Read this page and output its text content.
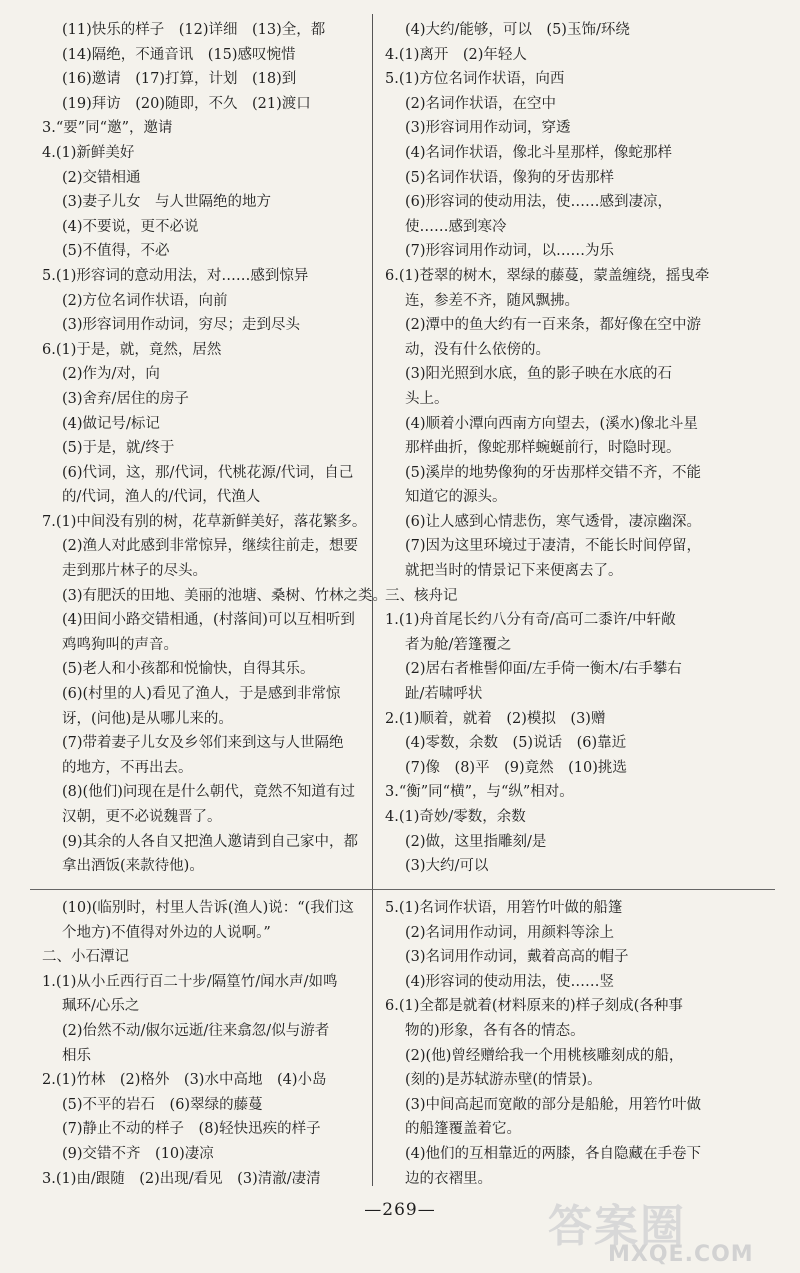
(11)快乐的样子　(12)详细　(13)全，都
(14)隔绝，不通音讯　(15)感叹惋惜
(16)邀请　(17)打算，计划　(18)到
(19)拜访　(20)随即，不久　(21)渡口
3.“要”同“邀”，邀请
4.(1)新鲜美好
(2)交错相通
(3)妻子儿女　与人世隔绝的地方
(4)不要说，更不必说
(5)不值得，不必
5.(1)形容词的意动用法，对……感到惊异
(2)方位名词作状语，向前
(3)形容词用作动词，穷尽；走到尽头
6.(1)于是，就，竟然，居然
(2)作为/对，向
(3)舍弃/居住的房子
(4)做记号/标记
(5)于是，就/终于
(6)代词，这，那/代词，代桃花源/代词，自己
的/代词，渔人的/代词，代渔人
7.(1)中间没有别的树，花草新鲜美好，落花繁多。
(2)渔人对此感到非常惊异，继续往前走，想要
走到那片林子的尽头。
(3)有肥沃的田地、美丽的池塘、桑树、竹林之类。
(4)田间小路交错相通，(村落间)可以互相听到
鸡鸣狗叫的声音。
(5)老人和小孩都和悦愉快，自得其乐。
(6)(村里的人)看见了渔人，于是感到非常惊
讶，(问他)是从哪儿来的。
(7)带着妻子儿女及乡邻们来到这与人世隔绝
的地方，不再出去。
(8)(他们)问现在是什么朝代，竟然不知道有过
汉朝，更不必说魏晋了。
(9)其余的人各自又把渔人邀请到自己家中，都
拿出酒饭(来款待他)。
(4)大约/能够，可以　(5)玉饰/环绕
4.(1)离开　(2)年轻人
5.(1)方位名词作状语，向西
(2)名词作状语，在空中
(3)形容词用作动词，穿透
(4)名词作状语，像北斗星那样，像蛇那样
(5)名词作状语，像狗的牙齿那样
(6)形容词的使动用法，使……感到凄凉，
使……感到寒冷
(7)形容词用作动词，以……为乐
6.(1)苍翠的树木，翠绿的藤蔓，蒙盖缠绕，摇曳牵
连，参差不齐，随风飘拂。
(2)潭中的鱼大约有一百来条，都好像在空中游
动，没有什么依傍的。
(3)阳光照到水底，鱼的影子映在水底的石
头上。
(4)顺着小潭向西南方向望去，(溪水)像北斗星
那样曲折，像蛇那样蜿蜒前行，时隐时现。
(5)溪岸的地势像狗的牙齿那样交错不齐，不能
知道它的源头。
(6)让人感到心情悲伤，寒气透骨，凄凉幽深。
(7)因为这里环境过于凄清，不能长时间停留，
就把当时的情景记下来便离去了。
三、核舟记
1.(1)舟首尾长约八分有奇/高可二黍许/中轩敞
者为舱/箬篷覆之
(2)居右者椎髻仰面/左手倚一衡木/右手攀右
趾/若啸呼状
2.(1)顺着，就着　(2)模拟　(3)赠
(4)零数，余数　(5)说话　(6)靠近
(7)像　(8)平　(9)竟然　(10)挑选
3.“衡”同“横”，与“纵”相对。
4.(1)奇妙/零数，余数
(2)做，这里指雕刻/是
(3)大约/可以
(10)(临别时，村里人告诉(渔人)说：“(我们这
个地方)不值得对外边的人说啊。”
二、小石潭记
1.(1)从小丘西行百二十步/隔篁竹/闻水声/如鸣
珮环/心乐之
(2)佁然不动/俶尔远逝/往来翕忽/似与游者
相乐
2.(1)竹林　(2)格外　(3)水中高地　(4)小岛
(5)不平的岩石　(6)翠绿的藤蔓
(7)静止不动的样子　(8)轻快迅疾的样子
(9)交错不齐　(10)凄凉
3.(1)由/跟随　(2)出现/看见　(3)清澈/凄清
5.(1)名词作状语，用箬竹叶做的船篷
(2)名词用作动词，用颜料等涂上
(3)名词用作动词，戴着高高的帽子
(4)形容词的使动用法，使……竖
6.(1)全都是就着(材料原来的)样子刻成(各种事
物的)形象，各有各的情态。
(2)(他)曾经赠给我一个用桃核雕刻成的船，
(刻的)是苏轼游赤壁(的情景)。
(3)中间高起而宽敞的部分是船舱，用箬竹叶做
的船篷覆盖着它。
(4)他们的互相靠近的两膝，各自隐藏在手卷下
边的衣褶里。
—269—	答案圈
MXQE.COM
